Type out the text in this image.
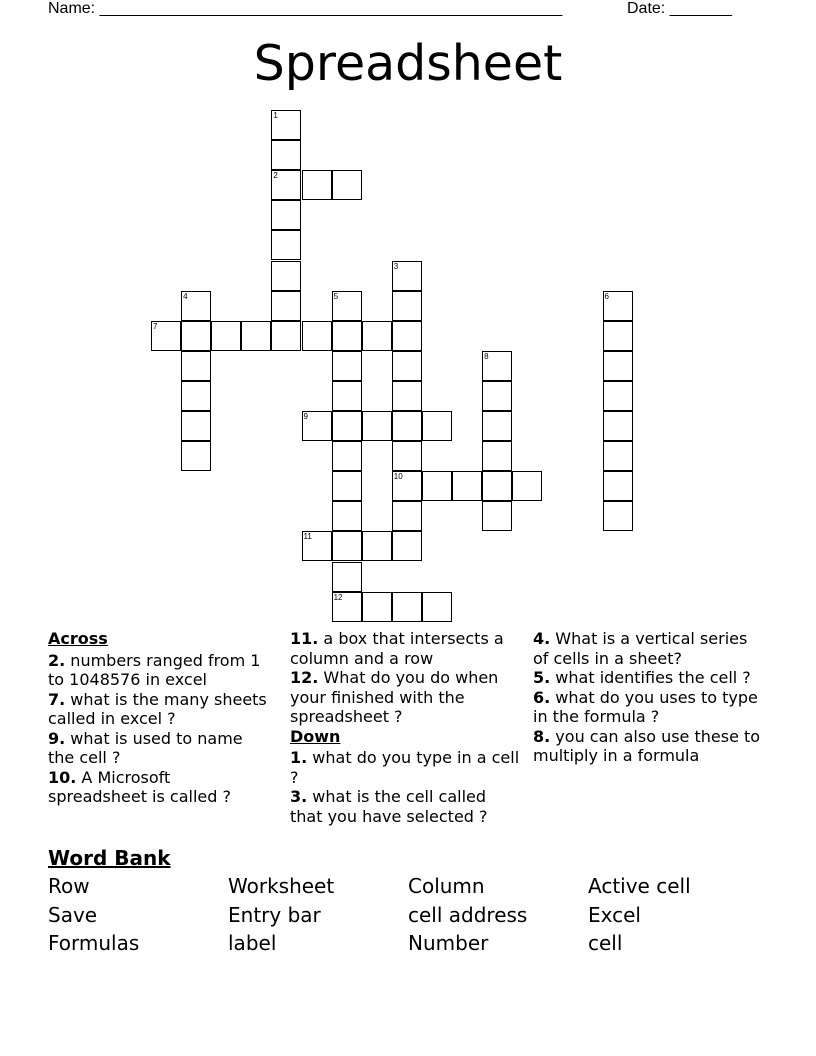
Name: ____________________________________________________	Date: _______
Spreadsheet
1
2
3
4	5	6
7
8
9
10
11
12
Across
2. numbers ranged from 1 to 1048576 in excel
7. what is the many sheets called in excel ?
9. what is used to name the cell ?
10. A Microsoft spreadsheet is called ?
11. a box that intersects a column and a row
12. What do you do when your finished with the spreadsheet ?
Down
1. what do you type in a cell ?
3. what is the cell called that you have selected ?
4. What is a vertical series of cells in a sheet?
5. what identifies the cell ?
6. what do you uses to type in the formula ?
8. you can also use these to multiply in a formula
Word Bank
Row	Worksheet	Column	Active cell
Save	Entry bar	cell address	Excel
Formulas	label	Number	cell
